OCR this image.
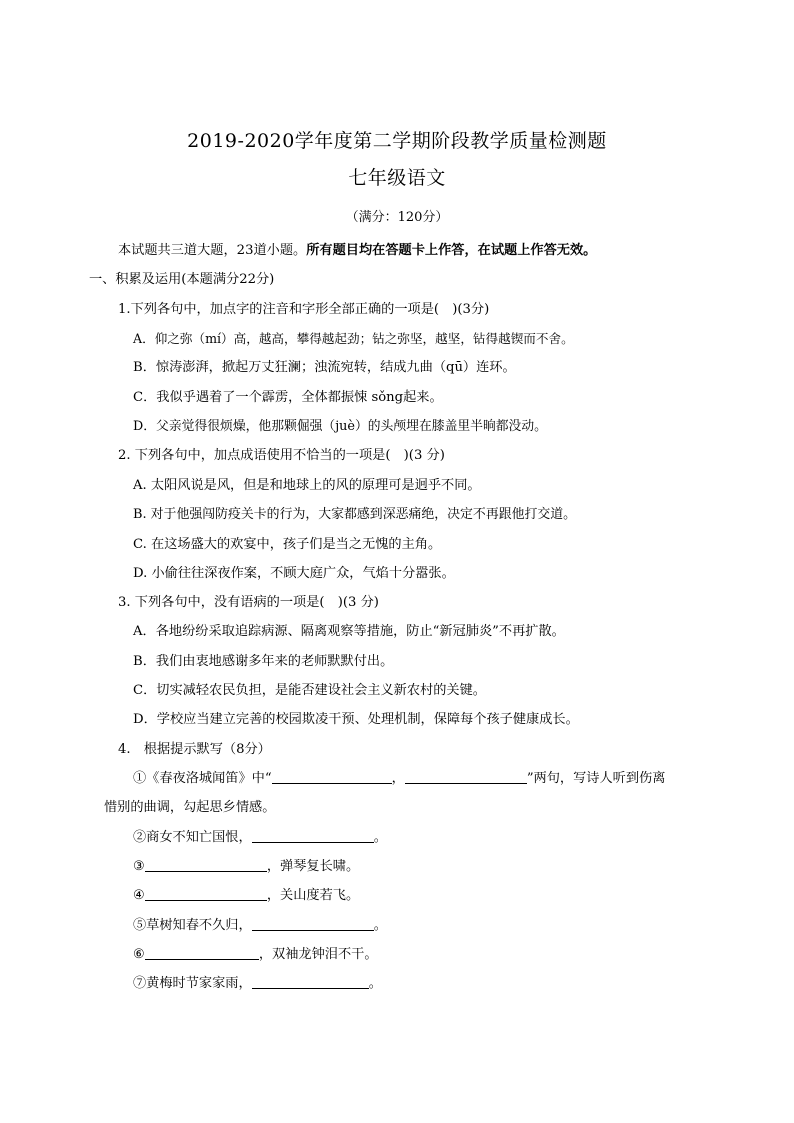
2019-2020学年度第二学期阶段教学质量检测题
七年级语文
（满分：120分）
本试题共三道大题，23道小题。所有题目均在答题卡上作答，在试题上作答无效。
一、积累及运用(本题满分22分)
1.下列各句中，加点字的注音和字形全部正确的一项是(　)(3分)
A．仰之弥（mí）高，越高，攀得越起劲；钻之弥坚，越坚，钻得越锲而不舍。
B．惊涛澎湃，掀起万丈狂澜；浊流宛转，结成九曲（qū）连环。
C．我似乎遇着了一个霹雳，全体都振悚 sǒng起来。
D．父亲觉得很烦燥，他那颗倔强（juè）的头颅埋在膝盖里半晌都没动。
2. 下列各句中，加点成语使用不恰当的一项是(　)(3 分)
A. 太阳风说是风，但是和地球上的风的原理可是迥乎不同。
B. 对于他强闯防疫关卡的行为，大家都感到深恶痛绝，决定不再跟他打交道。
C. 在这场盛大的欢宴中，孩子们是当之无愧的主角。
D. 小偷往往深夜作案，不顾大庭广众，气焰十分嚣张。
3. 下列各句中，没有语病的一项是(　)(3 分)
A．各地纷纷采取追踪病源、隔离观察等措施，防止“新冠肺炎”不再扩散。
B．我们由衷地感谢多年来的老师默默付出。
C．切实减轻农民负担，是能否建设社会主义新农村的关键。
D．学校应当建立完善的校园欺凌干预、处理机制，保障每个孩子健康成长。
4.　根据提示默写（8分）
①《春夜洛城闻笛》中“	，	”两句，写诗人听到伤离
惜别的曲调，勾起思乡情感。
②商女不知亡国恨，	。
③	，弹琴复长啸。
④	，关山度若飞。
⑤草树知春不久归，	。
⑥	，双袖龙钟泪不干。
⑦黄梅时节家家雨，	。
